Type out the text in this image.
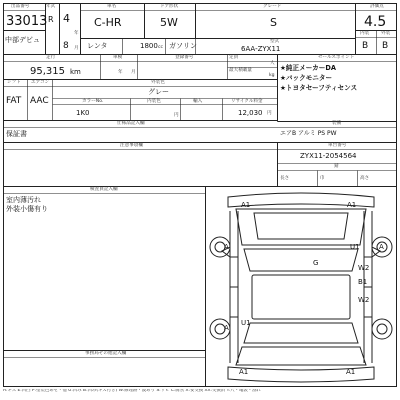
出品番号
33013
年式
R 4
年
8 月
中部デビュ
車名
C-HR
ドア形状
5W
グレード
S
評価点
4.5
レンタ	1800 cc ガソリン
型式
6AA-ZYX11
内装	外装
B B
走行
95,315 km
車検
年 月
登録番号	定員
人
最大積載量
kg
シフト
FAT
エアコン
AAC
外装色
グレー
カラーNo.
1K0
内装色
円
輸入	リサイクル料金
12,030 円
仕様品記入欄
保証書
注意事項欄
セールスポイント
★純正メーカーDA
★バックモニター
★トヨタセーフティセンス
装備
エアB アルミ PS PW
車台番号
ZYX11-2054564
錆
長さ	巾	高さ
検査員記入欄
室内薄汚れ
外装小傷有り
事務局その他記入欄
A1	A1
A
G
U1	A
W2
B1
W2
A
U1
A1	A1
A:キズ E:凹凸 P:塗装色あせ・他 U:凹み B:凹み(キズ付き) W:修理跡・波あり S:サビ C:腐食 X:要交換 XX:交換済 Y:穴・亀裂・割れ
